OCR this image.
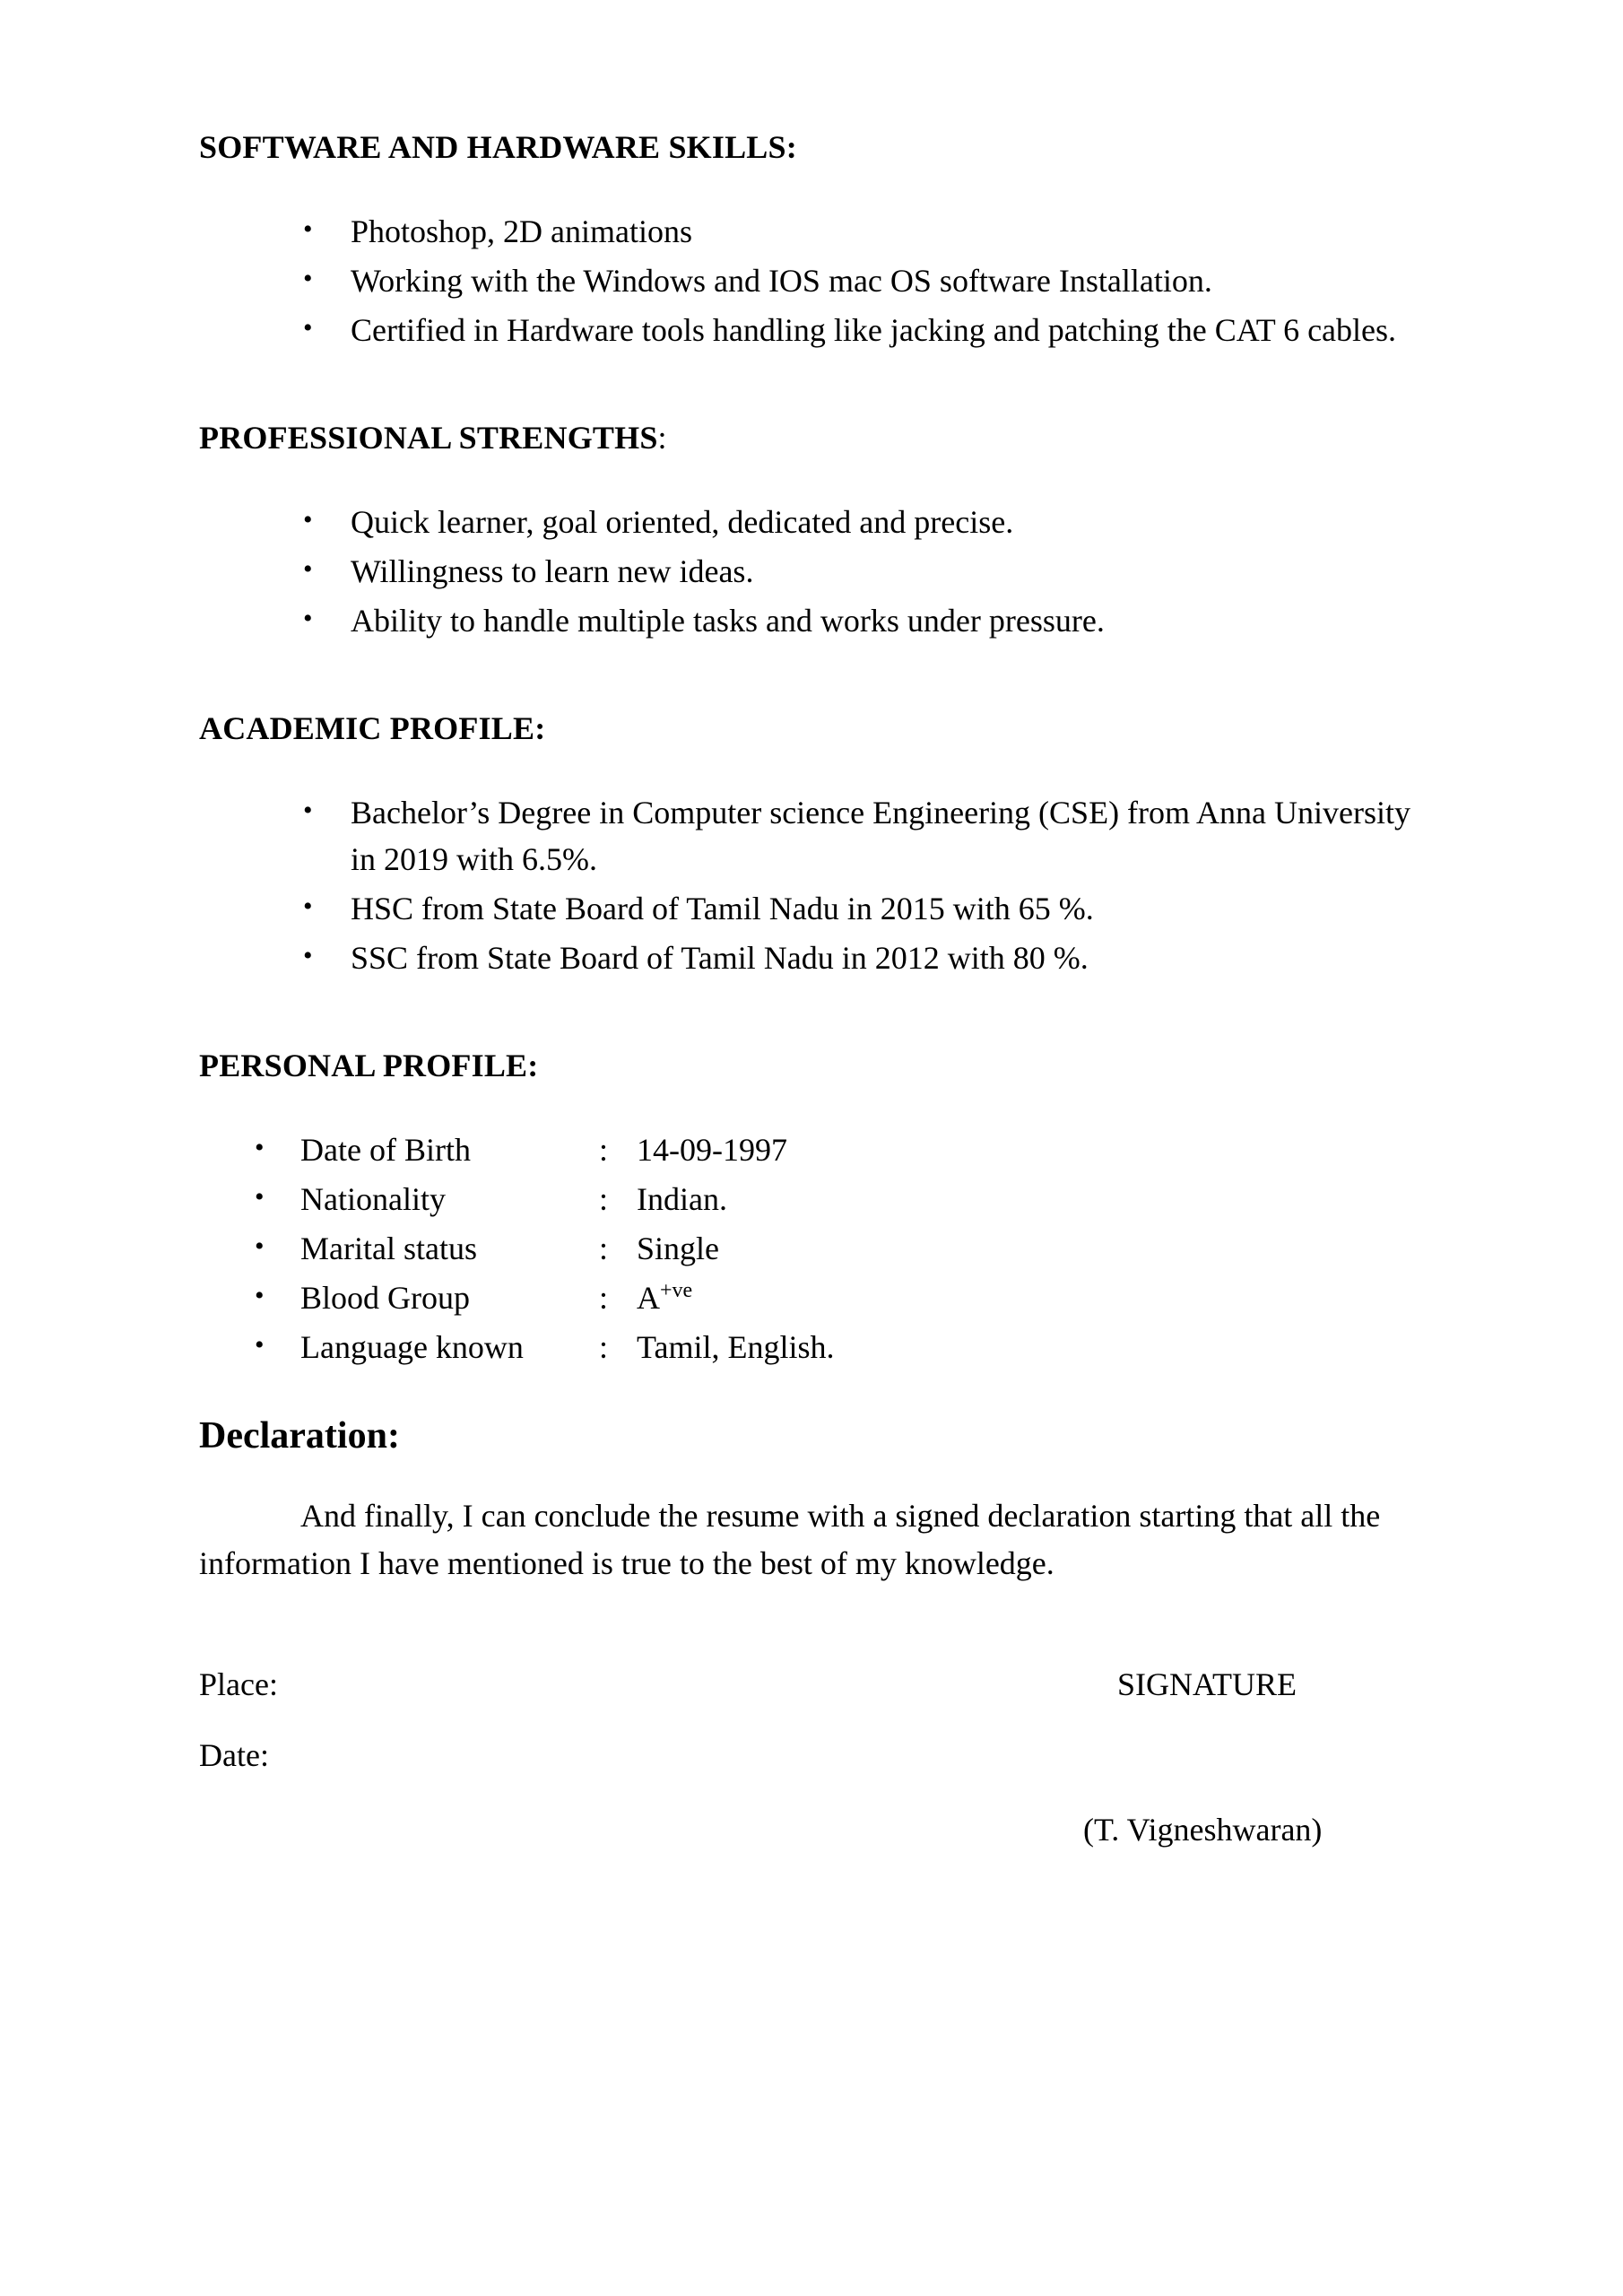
SOFTWARE AND HARDWARE SKILLS:
• Photoshop, 2D animations
• Working with the Windows and IOS mac OS software Installation.
• Certified in Hardware tools handling like jacking and patching the CAT 6 cables.
PROFESSIONAL STRENGTHS:
• Quick learner, goal oriented, dedicated and precise.
• Willingness to learn new ideas.
• Ability to handle multiple tasks and works under pressure.
ACADEMIC PROFILE:
• Bachelor’s Degree in Computer science Engineering (CSE) from Anna University in 2019 with 6.5%.
• HSC from State Board of Tamil Nadu in 2015 with 65 %.
• SSC from State Board of Tamil Nadu in 2012 with 80 %.
PERSONAL PROFILE:
• Date of Birth	: 14-09-1997
• Nationality	: Indian.
• Marital status	: Single
• Blood Group	: $A^{+ve}$
• Language known : Tamil, English.
Declaration:

And finally, I can conclude the resume with a signed declaration starting that all the information I have mentioned is true to the best of my knowledge.

Place:	SIGNATURE
Date:
(T. Vigneshwaran)
